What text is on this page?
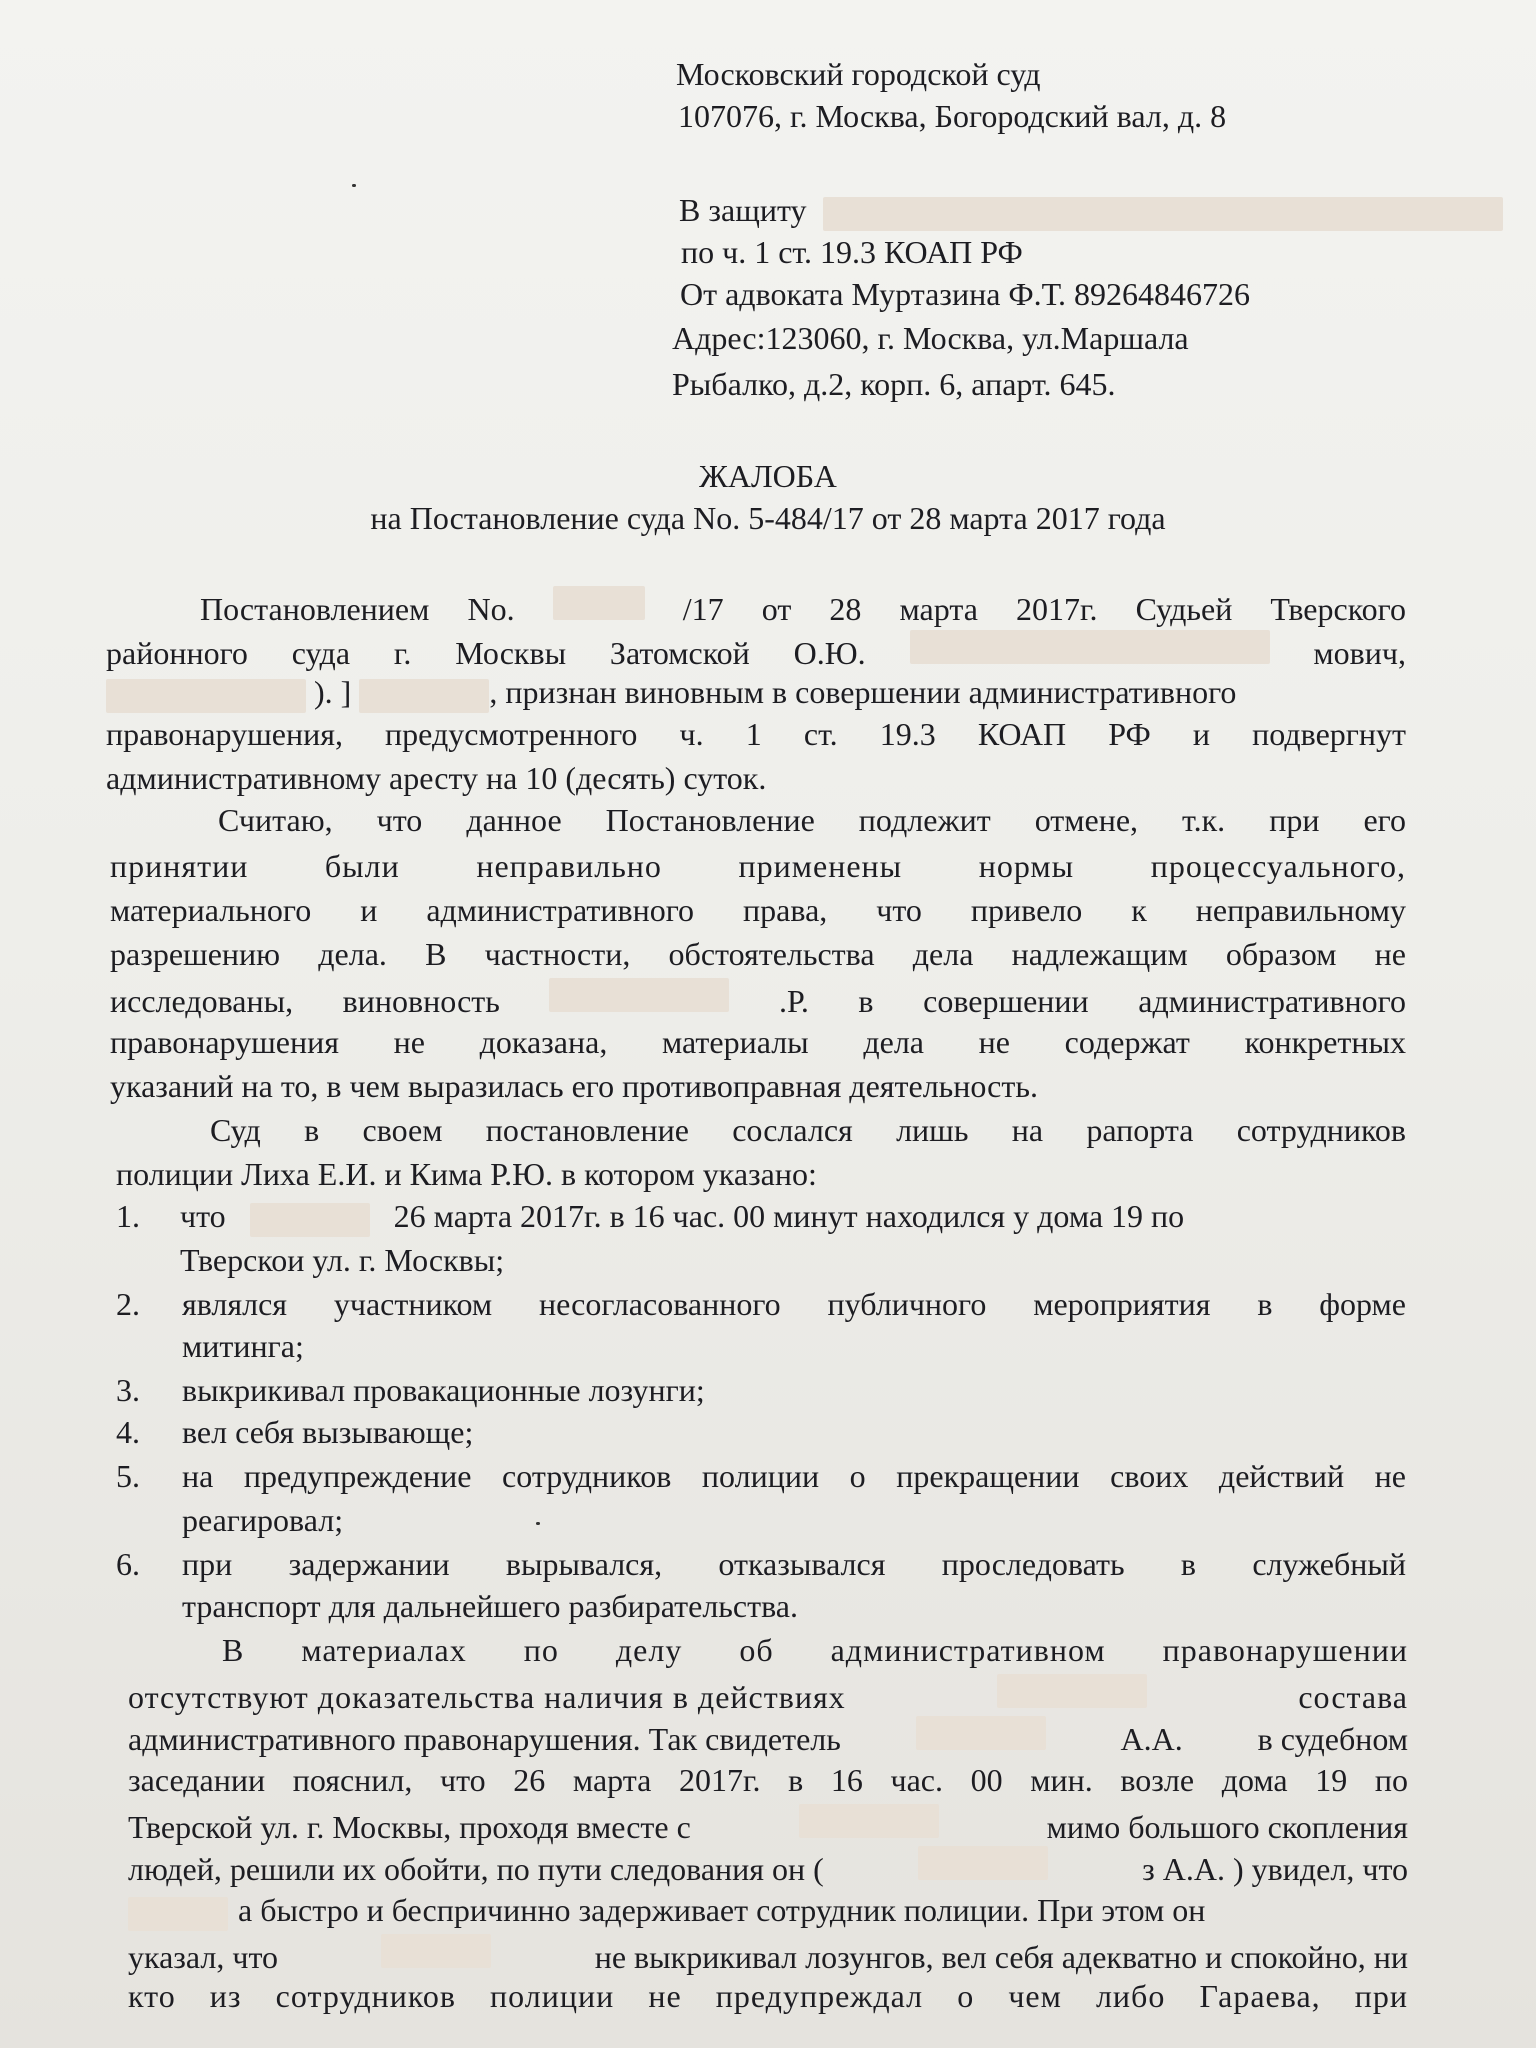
Московский городской суд

107076, г. Москва, Богородский вал, д. 8

В защиту

по ч. 1 ст. 19.3 КОАП РФ

От адвоката Муртазина Ф.Т. 89264846726

Адрес:123060, г. Москва, ул.Маршала

Рыбалко, д.2, корп. 6, апарт. 645.

ЖАЛОБА

на Постановление суда No. 5-484/17 от 28 марта 2017 года

Постановлением No.	/17 от 28 марта 2017г. Судьей Тверского
районного суда г. Москвы Затомской О.Ю.	мович,

). ]	, признан виновным в совершении административного

правонарушения, предусмотренного ч. 1 ст. 19.3 КОАП РФ и подвергнут

административному аресту на 10 (десять) суток.

Считаю, что данное Постановление подлежит отмене, т.к. при его

принятии были неправильно применены нормы процессуального,

материального и административного права, что привело к неправильному

разрешению дела. В частности, обстоятельства дела надлежащим образом не

исследованы, виновность	.Р. в совершении административного

правонарушения не доказана, материалы дела не содержат конкретных

указаний на то, в чем выразилась его противоправная деятельность.

Суд в своем постановление сослался лишь на рапорта сотрудников

полиции Лиха Е.И. и Кима Р.Ю. в котором указано:

1. что	26 марта 2017г. в 16 час. 00 минут находился у дома 19 по

Тверскои ул. г. Москвы;

2. являлся участником несогласованного публичного мероприятия в форме

митинга;

3. выкрикивал провакационные лозунги;

4. вел себя вызывающе;

5. на предупреждение сотрудников полиции о прекращении своих действий не

реагировал;

6. при задержании вырывался, отказывался проследовать в служебный

транспорт для дальнейшего разбирательства.

В материалах по делу об административном правонарушении

отсутствуют доказательства наличия в действиях	состава
административного правонарушения. Так свидетель	А.А. в судебном

заседании пояснил, что 26 марта 2017г. в 16 час. 00 мин. возле дома 19 по

Тверской ул. г. Москвы, проходя вместе с	мимо большого скопления
людей, решили их обойти, по пути следования он (	з А.А. ) увидел, что

а быстро и беспричинно задерживает сотрудник полиции. При этом он

указал, что	не выкрикивал лозунгов, вел себя адекватно и спокойно, ни

кто из сотрудников полиции не предупреждал о чем либо Гараева, при
